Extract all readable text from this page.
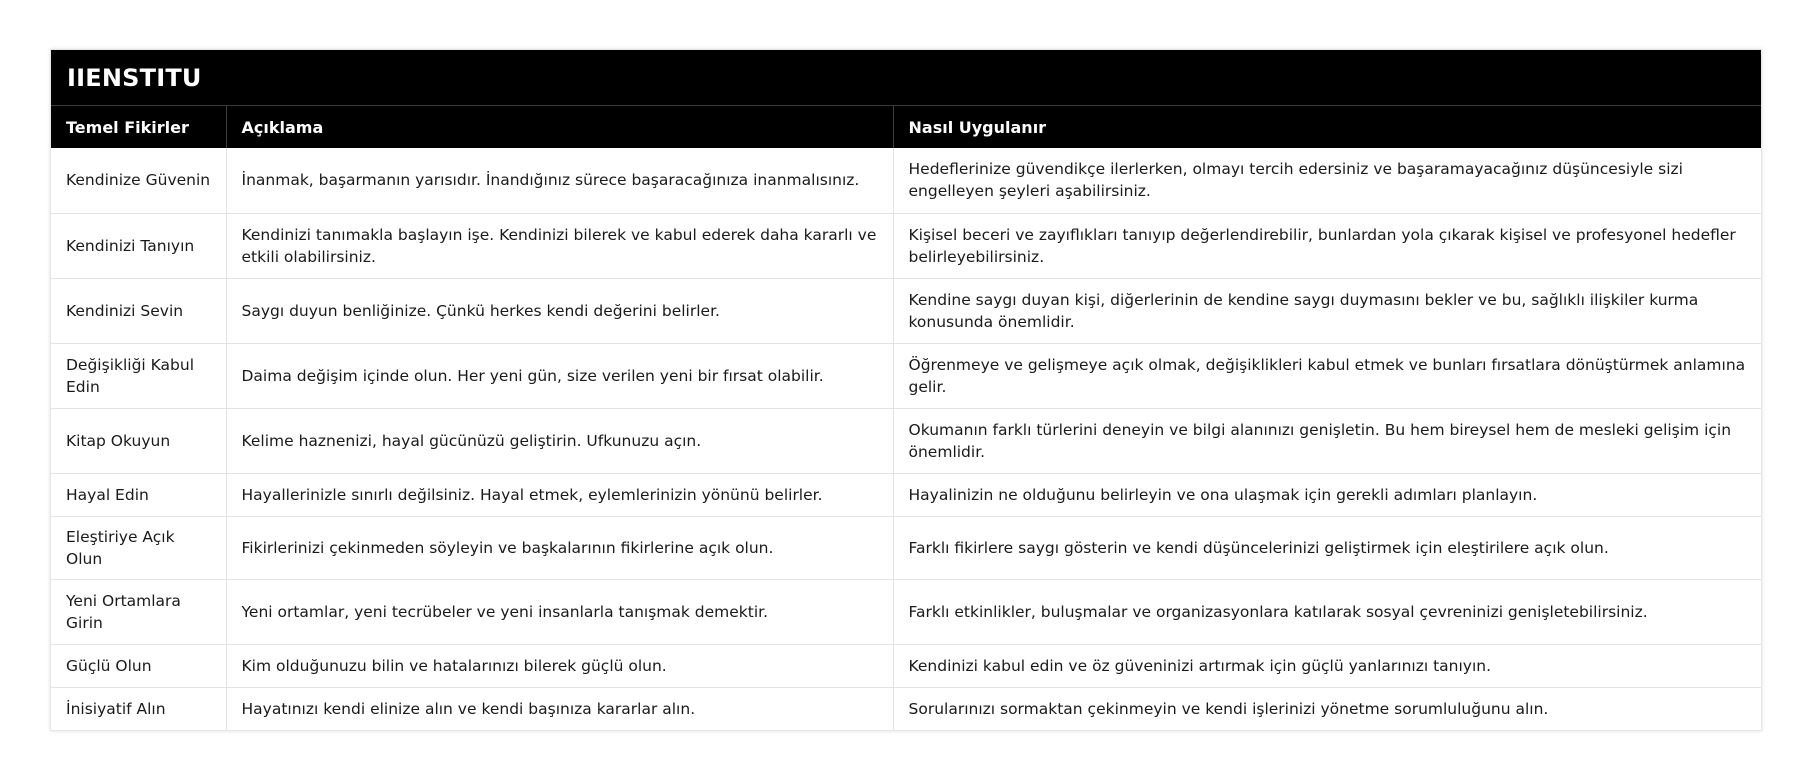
IIENSTITU
Temel Fikirler	Açıklama	Nasıl Uygulanır
Kendinize Güvenin	İnanmak, başarmanın yarısıdır. İnandığınız sürece başaracağınıza inanmalısınız.	Hedeflerinize güvendikçe ilerlerken, olmayı tercih edersiniz ve başaramayacağınız düşüncesiyle sizi engelleyen şeyleri aşabilirsiniz.
Kendinizi Tanıyın	Kendinizi tanımakla başlayın işe. Kendinizi bilerek ve kabul ederek daha kararlı ve etkili olabilirsiniz.	Kişisel beceri ve zayıflıkları tanıyıp değerlendirebilir, bunlardan yola çıkarak kişisel ve profesyonel hedefler belirleyebilirsiniz.
Kendinizi Sevin	Saygı duyun benliğinize. Çünkü herkes kendi değerini belirler.	Kendine saygı duyan kişi, diğerlerinin de kendine saygı duymasını bekler ve bu, sağlıklı ilişkiler kurma konusunda önemlidir.
Değişikliği Kabul Edin	Daima değişim içinde olun. Her yeni gün, size verilen yeni bir fırsat olabilir.	Öğrenmeye ve gelişmeye açık olmak, değişiklikleri kabul etmek ve bunları fırsatlara dönüştürmek anlamına gelir.
Kitap Okuyun	Kelime haznenizi, hayal gücünüzü geliştirin. Ufkunuzu açın.	Okumanın farklı türlerini deneyin ve bilgi alanınızı genişletin. Bu hem bireysel hem de mesleki gelişim için önemlidir.
Hayal Edin	Hayallerinizle sınırlı değilsiniz. Hayal etmek, eylemlerinizin yönünü belirler.	Hayalinizin ne olduğunu belirleyin ve ona ulaşmak için gerekli adımları planlayın.
Eleştiriye Açık Olun	Fikirlerinizi çekinmeden söyleyin ve başkalarının fikirlerine açık olun.	Farklı fikirlere saygı gösterin ve kendi düşüncelerinizi geliştirmek için eleştirilere açık olun.
Yeni Ortamlara Girin	Yeni ortamlar, yeni tecrübeler ve yeni insanlarla tanışmak demektir.	Farklı etkinlikler, buluşmalar ve organizasyonlara katılarak sosyal çevreninizi genişletebilirsiniz.
Güçlü Olun	Kim olduğunuzu bilin ve hatalarınızı bilerek güçlü olun.	Kendinizi kabul edin ve öz güveninizi artırmak için güçlü yanlarınızı tanıyın.
İnisiyatif Alın	Hayatınızı kendi elinize alın ve kendi başınıza kararlar alın.	Sorularınızı sormaktan çekinmeyin ve kendi işlerinizi yönetme sorumluluğunu alın.
